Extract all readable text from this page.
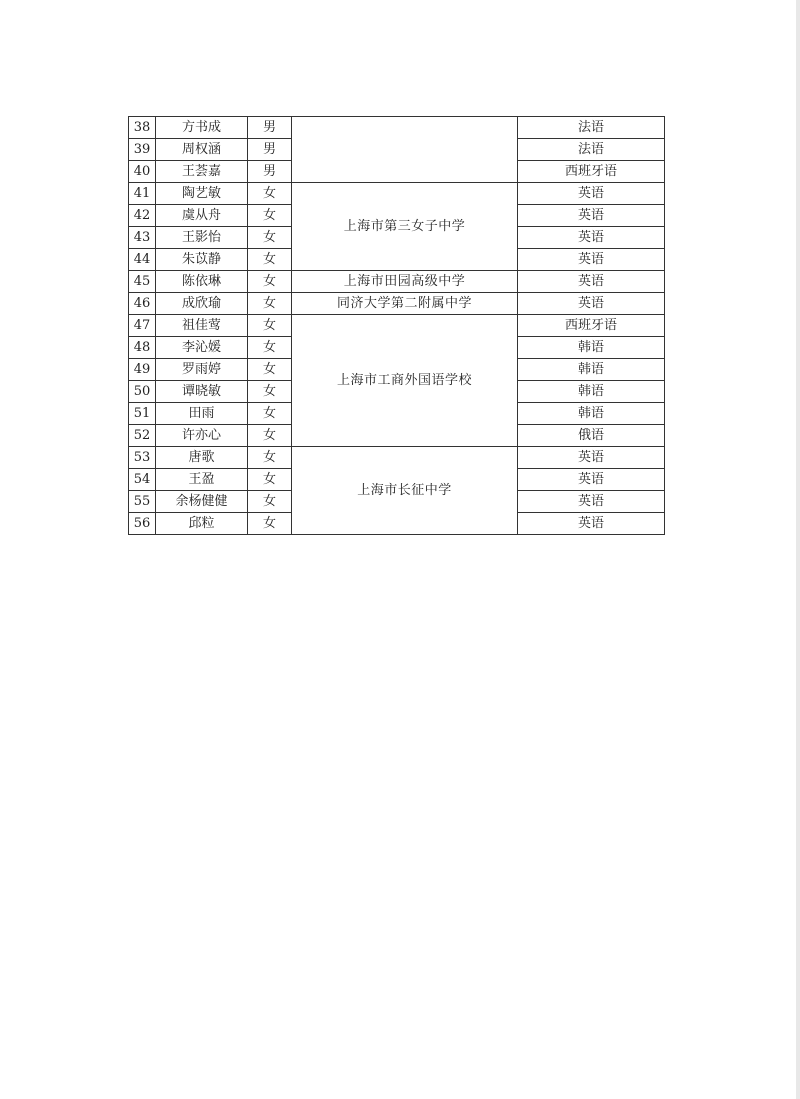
38	方书成	男		法语
39	周权涵	男		法语
40	王荟嘉	男		西班牙语
41	陶艺敏	女	上海市第三女子中学	英语
42	虞从舟	女		英语
43	王影怡	女		英语
44	朱苡静	女		英语
45	陈依琳	女	上海市田园高级中学	英语
46	成欣瑜	女	同济大学第二附属中学	英语
47	祖佳莺	女	上海市工商外国语学校	西班牙语
48	李沁媛	女		韩语
49	罗雨婷	女		韩语
50	谭晓敏	女		韩语
51	田雨	女		韩语
52	许亦心	女		俄语
53	唐歌	女	上海市长征中学	英语
54	王盈	女		英语
55	余杨健健	女		英语
56	邱粒	女		英语
